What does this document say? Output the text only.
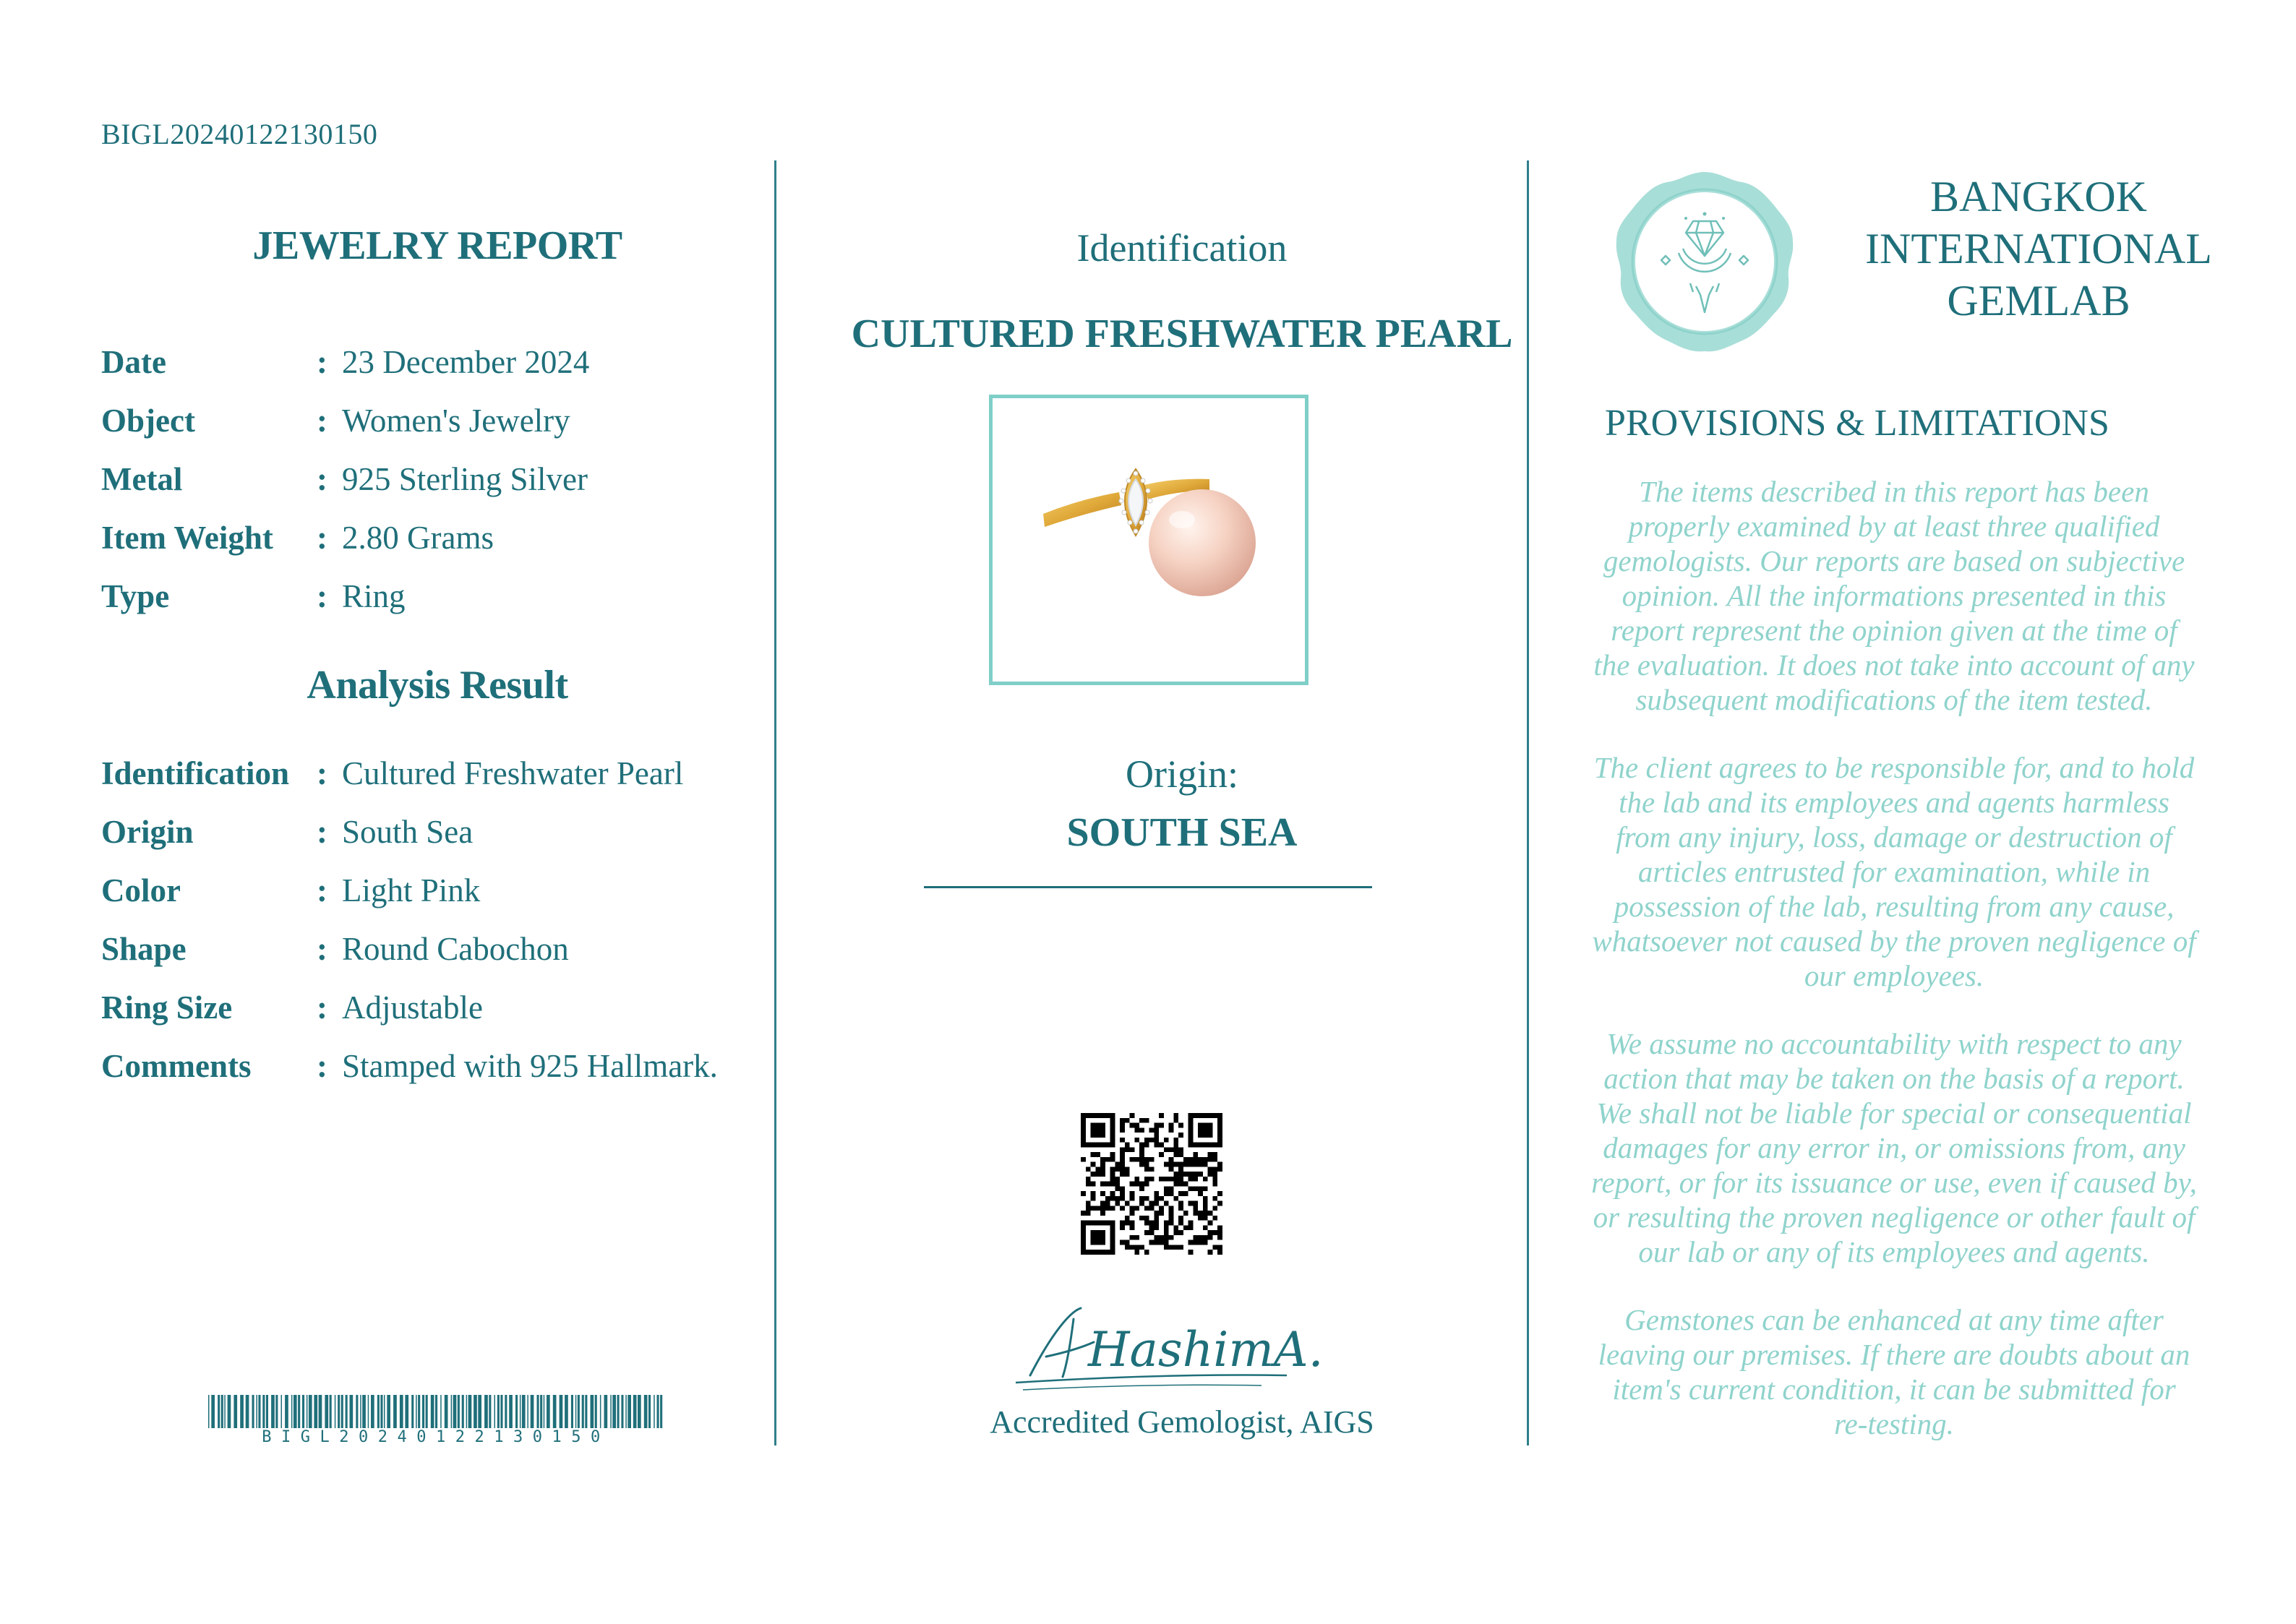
BIGL20240122130150
JEWELRY REPORT
Date	: 23 December 2024
Object	: Women's Jewelry
Metal	: 925 Sterling Silver
Item Weight : 2.80 Grams
Type	: Ring
Analysis Result
Identification : Cultured Freshwater Pearl
Origin	: South Sea
Color	: Light Pink
Shape	: Round Cabochon
Ring Size	: Adjustable
Comments : Stamped with 925 Hallmark.
BIGL20240122130150
Identification
CULTURED FRESHWATER PEARL
Origin:
SOUTH SEA
HashimA.
Accredited Gemologist, AIGS
BANGKOK
INTERNATIONAL
GEMLAB
PROVISIONS & LIMITATIONS
The items described in this report has been
properly examined by at least three qualified
gemologists. Our reports are based on subjective
opinion. All the informations presented in this
report represent the opinion given at the time of
the evaluation. It does not take into account of any
subsequent modifications of the item tested.
The client agrees to be responsible for, and to hold
the lab and its employees and agents harmless
from any injury, loss, damage or destruction of
articles entrusted for examination, while in
possession of the lab, resulting from any cause,
whatsoever not caused by the proven negligence of
our employees.
We assume no accountability with respect to any
action that may be taken on the basis of a report.
We shall not be liable for special or consequential
damages for any error in, or omissions from, any
report, or for its issuance or use, even if caused by,
or resulting the proven negligence or other fault of
our lab or any of its employees and agents.
Gemstones can be enhanced at any time after
leaving our premises. If there are doubts about an
item's current condition, it can be submitted for
re-testing.
